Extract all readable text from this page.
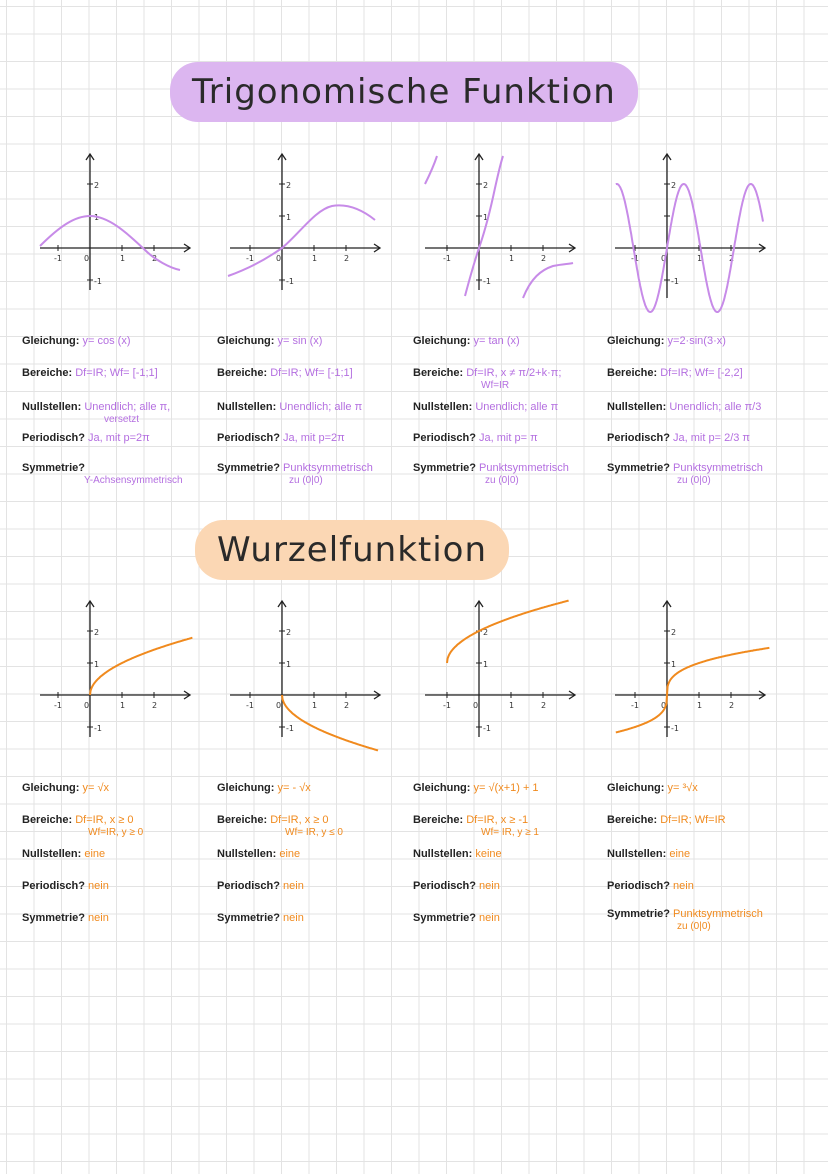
Trigonomische Funktion
Wurzelfunktion
-1	0	1	2
2
1
-1
-1	0	1	2
2
1
-1
-1	1	2
2
1
-1
-1	0	1	2
2
-1
Gleichung: y= cos (x)
Bereiche: Df=IR; Wf= [-1;1]
Nullstellen: Unendlich; alle π,
versetzt
Periodisch? Ja, mit p=2π
Symmetrie?
Y-Achsensymmetrisch
Gleichung: y= sin (x)
Bereiche: Df=IR; Wf= [-1;1]
Nullstellen: Unendlich; alle π
Periodisch? Ja, mit p=2π
Symmetrie? Punktsymmetrisch
zu (0|0)
Gleichung: y= tan (x)
Bereiche: Df=IR, x ≠ π/2+k·π;
Wf=IR
Nullstellen: Unendlich; alle π
Periodisch? Ja, mit p= π
Symmetrie? Punktsymmetrisch
zu (0|0)
Gleichung: y=2·sin(3·x)
Bereiche: Df=IR; Wf= [-2,2]
Nullstellen: Unendlich; alle π/3
Periodisch? Ja, mit p= 2/3 π
Symmetrie? Punktsymmetrisch
zu (0|0)
-1	0	1	2
2
1
-1
-1	0	1	2
2
1
-1
-1	0	1	2
2
1
-1
-1	0	1	2
2
1
-1
Gleichung: y= √x
Bereiche: Df=IR, x ≥ 0
Wf=IR, y ≥ 0
Nullstellen: eine
Periodisch? nein
Symmetrie? nein
Gleichung: y= - √x
Bereiche: Df=IR, x ≥ 0
Wf= IR, y ≤ 0
Nullstellen: eine
Periodisch? nein
Symmetrie? nein
Gleichung: y= √(x+1) + 1
Bereiche: Df=IR, x ≥ -1
Wf= IR, y ≥ 1
Nullstellen: keine
Periodisch? nein
Symmetrie? nein
Gleichung: y= ³√x
Bereiche: Df=IR; Wf=IR
Nullstellen: eine
Periodisch? nein
Symmetrie? Punktsymmetrisch
zu (0|0)
